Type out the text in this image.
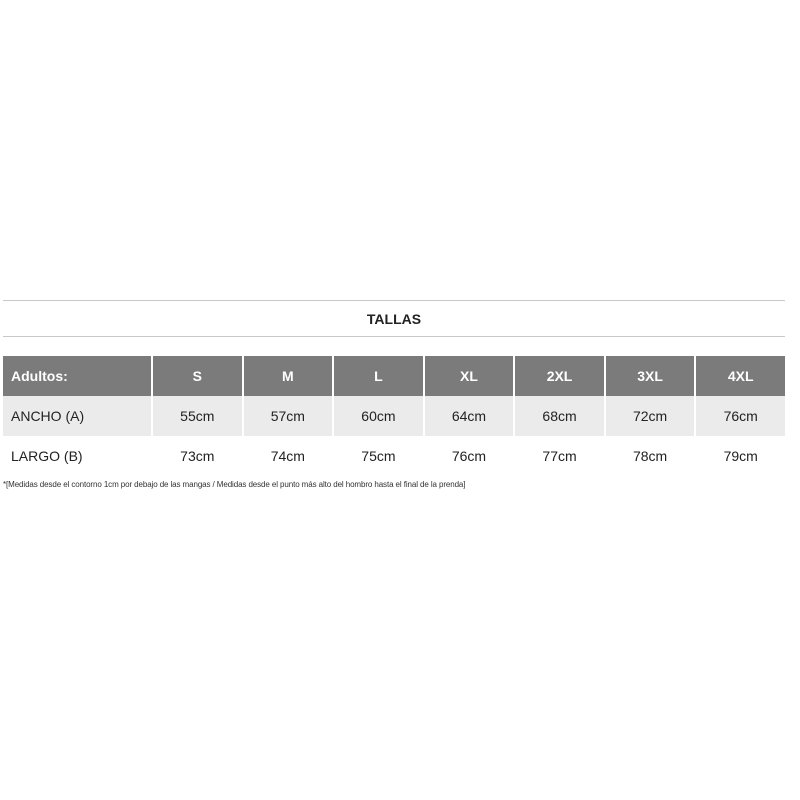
TALLAS
Adultos:	S	M	L	XL	2XL	3XL	4XL
ANCHO (A)	55cm	57cm	60cm	64cm	68cm	72cm	76cm
LARGO (B)	73cm	74cm	75cm	76cm	77cm	78cm	79cm
*[Medidas desde el contorno 1cm por debajo de las mangas / Medidas desde el punto más alto del hombro hasta el final de la prenda]
